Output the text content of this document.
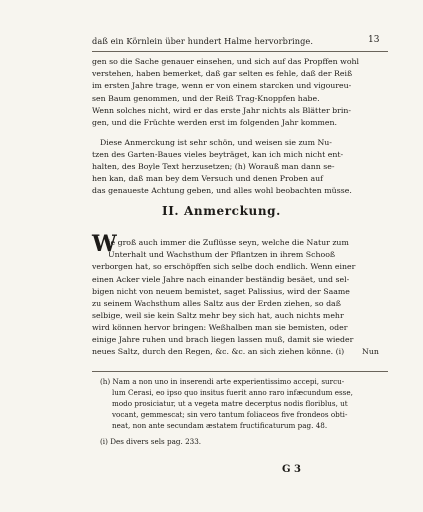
daß ein Körnlein über hundert Halme hervorbringe.	13
gen so die Sache genauer einsehen, und sich auf das Propffen wohl
verstehen, haben bemerket, daß gar selten es fehle, daß der Reiß
im ersten Jahre trage, wenn er von einem starcken und vigoureu-
sen Baum genommen, und der Reiß Trag-Knoppfen habe.
Wenn solches nicht, wird er das erste Jahr nichts als Blätter brin-
gen, und die Früchte werden erst im folgenden Jahr kommen.
Diese Anmerckung ist sehr schön, und weisen sie zum Nu-
tzen des Garten-Baues vieles beyträget, kan ich mich nicht ent-
halten, des Boyle Text herzusetzen; (h) Worauß man dann se-
hen kan, daß man bey dem Versuch und denen Proben auf
das genaueste Achtung geben, und alles wohl beobachten müsse.
II. Anmerckung.
W
ie groß auch immer die Zuflüsse seyn, welche die Natur zum
Unterhalt und Wachsthum der Pflantzen in ihrem Schooß
verborgen hat, so erschöpffen sich selbe doch endlich. Wenn einer
einen Acker viele Jahre nach einander beständig besäet, und sel-
bigen nicht von neuem bemistet, saget Palissius, wird der Saame
zu seinem Wachsthum alles Saltz aus der Erden ziehen, so daß
selbige, weil sie kein Saltz mehr bey sich hat, auch nichts mehr
wird können hervor bringen: Weßhalben man sie bemisten, oder
einige Jahre ruhen und brach liegen lassen muß, damit sie wieder
neues Saltz, durch den Regen, &c. &c. an sich ziehen könne. (i)	Nun
(h) Nam a non uno in inserendi arte experientissimo accepi, surcu-
lum Cerasi, eo ipso quo insitus fuerit anno raro infæcundum esse,
modo prosiciatur, ut a vegeta matre decerptus nodis floriblus, ut
vocant, gemmescat; sin vero tantum foliaceos five frondeos obti-
neat, non ante secundam æstatem fructificaturum pag. 48.
(i) Des divers sels pag. 233.
G 3
